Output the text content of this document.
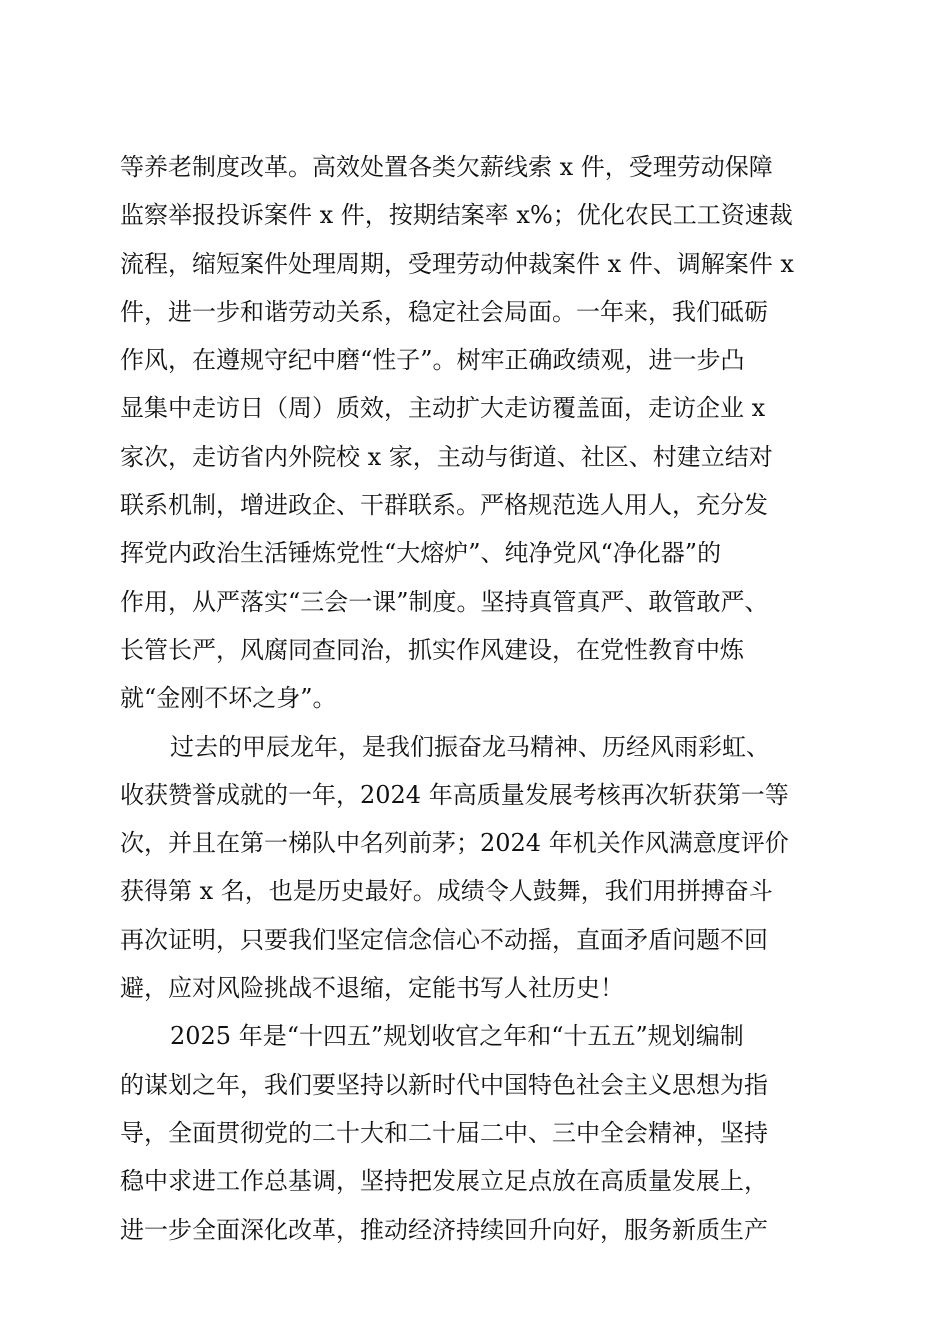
等养老制度改革。高效处置各类欠薪线索 x 件，受理劳动保障
监察举报投诉案件 x 件，按期结案率 x%；优化农民工工资速裁
流程，缩短案件处理周期，受理劳动仲裁案件 x 件、调解案件 x
件，进一步和谐劳动关系，稳定社会局面。一年来，我们砥砺
作风，在遵规守纪中磨“性子”。树牢正确政绩观，进一步凸
显集中走访日（周）质效，主动扩大走访覆盖面，走访企业 x
家次，走访省内外院校 x 家，主动与街道、社区、村建立结对
联系机制，增进政企、干群联系。严格规范选人用人，充分发
挥党内政治生活锤炼党性“大熔炉”、纯净党风“净化器”的
作用，从严落实“三会一课”制度。坚持真管真严、敢管敢严、
长管长严，风腐同查同治，抓实作风建设，在党性教育中炼
就“金刚不坏之身”。
过去的甲辰龙年，是我们振奋龙马精神、历经风雨彩虹、
收获赞誉成就的一年，2024 年高质量发展考核再次斩获第一等
次，并且在第一梯队中名列前茅；2024 年机关作风满意度评价
获得第 x 名，也是历史最好。成绩令人鼓舞，我们用拼搏奋斗
再次证明，只要我们坚定信念信心不动摇，直面矛盾问题不回
避，应对风险挑战不退缩，定能书写人社历史！
2025 年是“十四五”规划收官之年和“十五五”规划编制
的谋划之年，我们要坚持以新时代中国特色社会主义思想为指
导，全面贯彻党的二十大和二十届二中、三中全会精神，坚持
稳中求进工作总基调，坚持把发展立足点放在高质量发展上，
进一步全面深化改革，推动经济持续回升向好，服务新质生产
